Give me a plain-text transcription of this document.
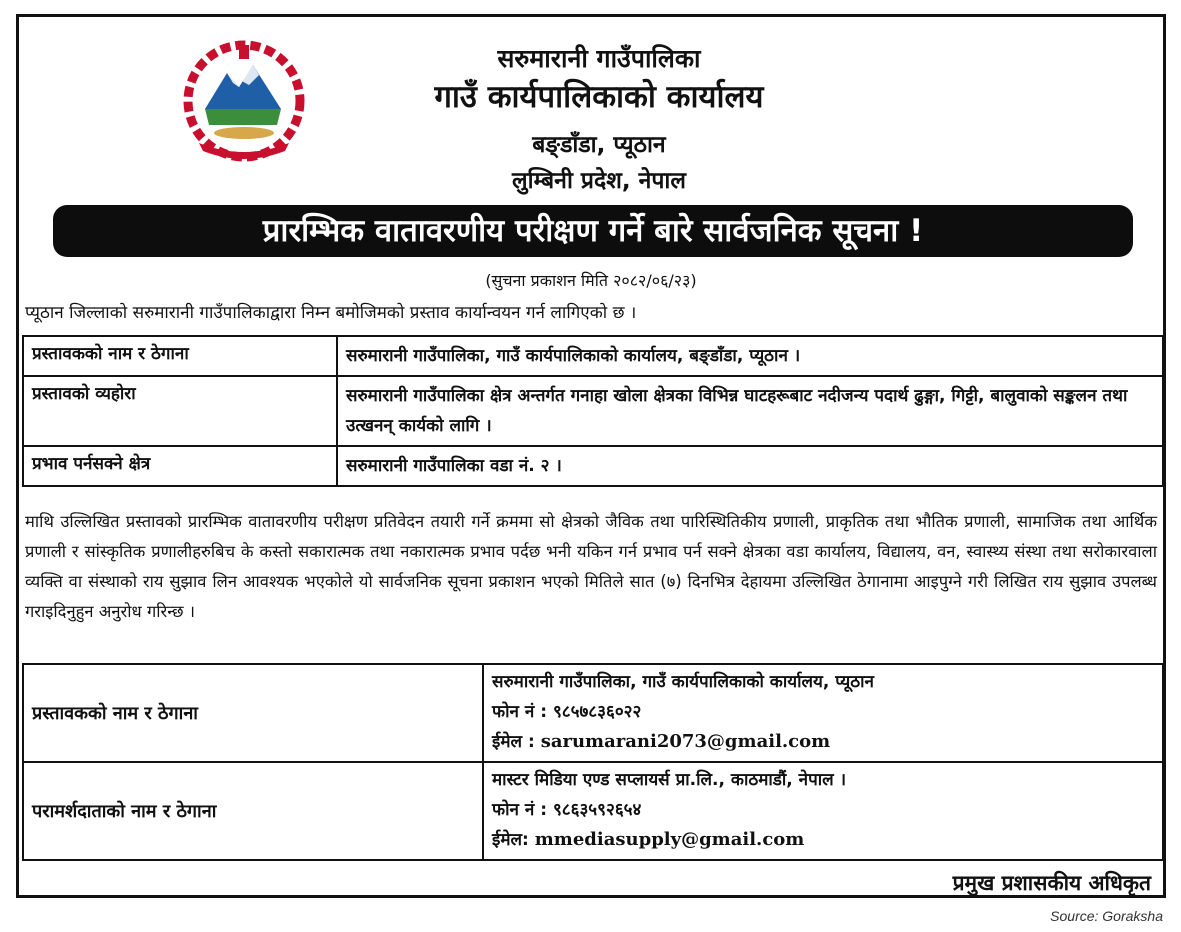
सरुमारानी गाउँपालिका
गाउँ कार्यपालिकाको कार्यालय
बङ्डाँडा, प्यूठान
लुम्बिनी प्रदेश, नेपाल
प्रारम्भिक वातावरणीय परीक्षण गर्ने बारे सार्वजनिक सूचना !
(सुचना प्रकाशन मिति २०८२/०६/२३)
प्यूठान जिल्लाको सरुमारानी गाउँपालिकाद्वारा निम्न बमोजिमको प्रस्ताव कार्यान्वयन गर्न लागिएको छ ।
प्रस्तावकको नाम र ठेगाना	सरुमारानी गाउँपालिका, गाउँ कार्यपालिकाको कार्यालय, बङ्डाँडा, प्यूठान ।
प्रस्तावको व्यहोरा	सरुमारानी गाउँपालिका क्षेत्र अन्तर्गत गनाहा खोला क्षेत्रका विभिन्न घाटहरूबाट नदीजन्य पदार्थ ढुङ्गा, गिट्टी, बालुवाको सङ्कलन तथा उत्खनन् कार्यको लागि ।
प्रभाव पर्नसक्ने क्षेत्र	सरुमारानी गाउँपालिका वडा नं. २ ।
माथि उल्लिखित प्रस्तावको प्रारम्भिक वातावरणीय परीक्षण प्रतिवेदन तयारी गर्ने क्रममा सो क्षेत्रको जैविक तथा पारिस्थितिकीय प्रणाली, प्राकृतिक तथा भौतिक प्रणाली, सामाजिक तथा आर्थिक प्रणाली र सांस्कृतिक प्रणालीहरुबिच के कस्तो सकारात्मक तथा नकारात्मक प्रभाव पर्दछ भनी यकिन गर्न प्रभाव पर्न सक्ने क्षेत्रका वडा कार्यालय, विद्यालय, वन, स्वास्थ्य संस्था तथा सरोकारवाला व्यक्ति वा संस्थाको राय सुझाव लिन आवश्यक भएकोले यो सार्वजनिक सूचना प्रकाशन भएको मितिले सात (७) दिनभित्र देहायमा उल्लिखित ठेगानामा आइपुग्ने गरी लिखित राय सुझाव उपलब्ध गराइदिनुहुन अनुरोध गरिन्छ ।
प्रस्तावकको नाम र ठेगाना	सरुमारानी गाउँपालिका, गाउँ कार्यपालिकाको कार्यालय, प्यूठान
फोन नं : ९८५७८३६०२२
ईमेल : sarumarani2073@gmail.com

परामर्शदाताको नाम र ठेगाना	मास्टर मिडिया एण्ड सप्लायर्स प्रा.लि., काठमाडौं, नेपाल ।
फोन नं : ९८६३५९२६५४
ईमेल: mmediasupply@gmail.com
प्रमुख प्रशासकीय अधिकृत
Source: Goraksha
